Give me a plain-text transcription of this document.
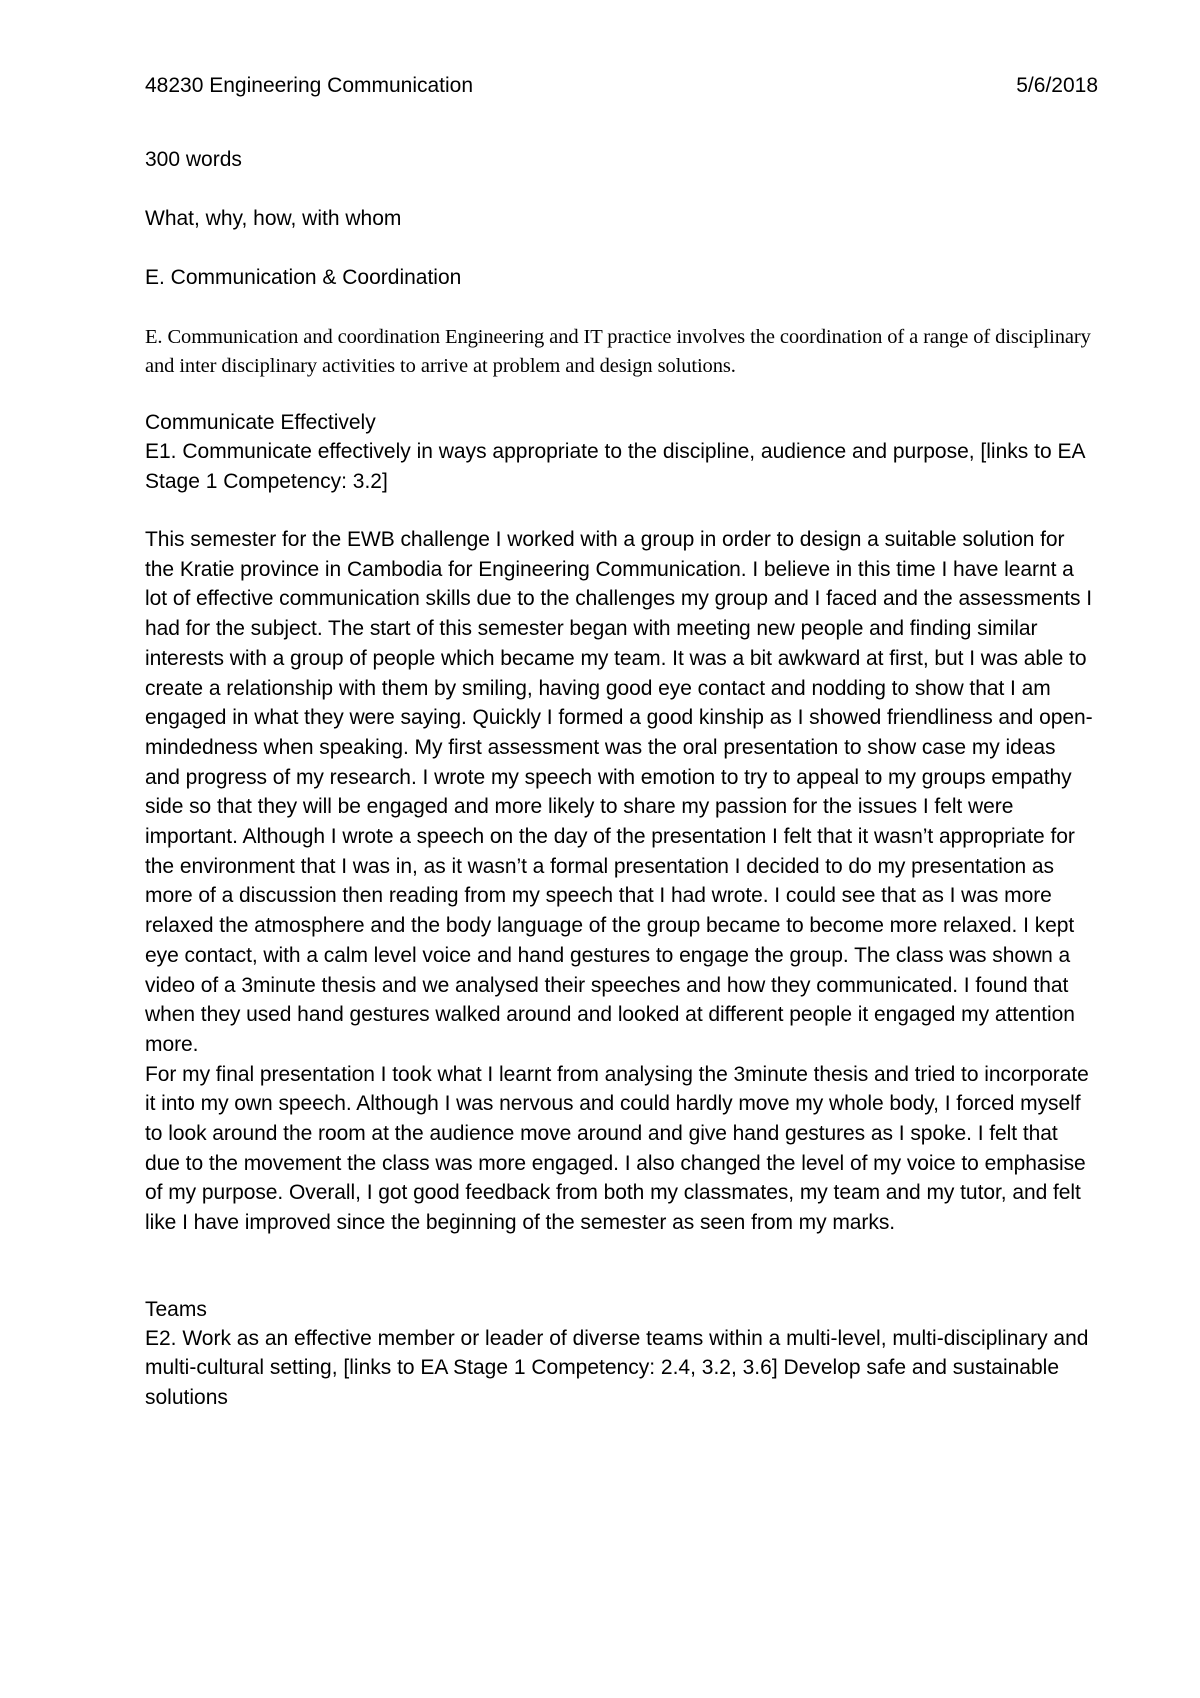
48230 Engineering Communication	5/6/2018
300 words
What, why, how, with whom
E. Communication & Coordination
E. Communication and coordination Engineering and IT practice involves the coordination of a range of disciplinary and inter disciplinary activities to arrive at problem and design solutions.
Communicate Effectively
E1. Communicate effectively in ways appropriate to the discipline, audience and purpose, [links to EA Stage 1 Competency: 3.2]

This semester for the EWB challenge I worked with a group in order to design a suitable solution for the Kratie province in Cambodia for Engineering Communication. I believe in this time I have learnt a lot of effective communication skills due to the challenges my group and I faced and the assessments I had for the subject. The start of this semester began with meeting new people and finding similar interests with a group of people which became my team. It was a bit awkward at first, but I was able to create a relationship with them by smiling, having good eye contact and nodding to show that I am engaged in what they were saying. Quickly I formed a good kinship as I showed friendliness and open-mindedness when speaking. My first assessment was the oral presentation to show case my ideas and progress of my research. I wrote my speech with emotion to try to appeal to my groups empathy side so that they will be engaged and more likely to share my passion for the issues I felt were important. Although I wrote a speech on the day of the presentation I felt that it wasn’t appropriate for the environment that I was in, as it wasn’t a formal presentation I decided to do my presentation as more of a discussion then reading from my speech that I had wrote. I could see that as I was more relaxed the atmosphere and the body language of the group became to become more relaxed. I kept eye contact, with a calm level voice and hand gestures to engage the group. The class was shown a video of a 3minute thesis and we analysed their speeches and how they communicated. I found that when they used hand gestures walked around and looked at different people it engaged my attention more.

For my final presentation I took what I learnt from analysing the 3minute thesis and tried to incorporate it into my own speech. Although I was nervous and could hardly move my whole body, I forced myself to look around the room at the audience move around and give hand gestures as I spoke. I felt that due to the movement the class was more engaged. I also changed the level of my voice to emphasise of my purpose. Overall, I got good feedback from both my classmates, my team and my tutor, and felt like I have improved since the beginning of the semester as seen from my marks.

Teams
E2. Work as an effective member or leader of diverse teams within a multi-level, multi-disciplinary and multi-cultural setting, [links to EA Stage 1 Competency: 2.4, 3.2, 3.6] Develop safe and sustainable solutions
